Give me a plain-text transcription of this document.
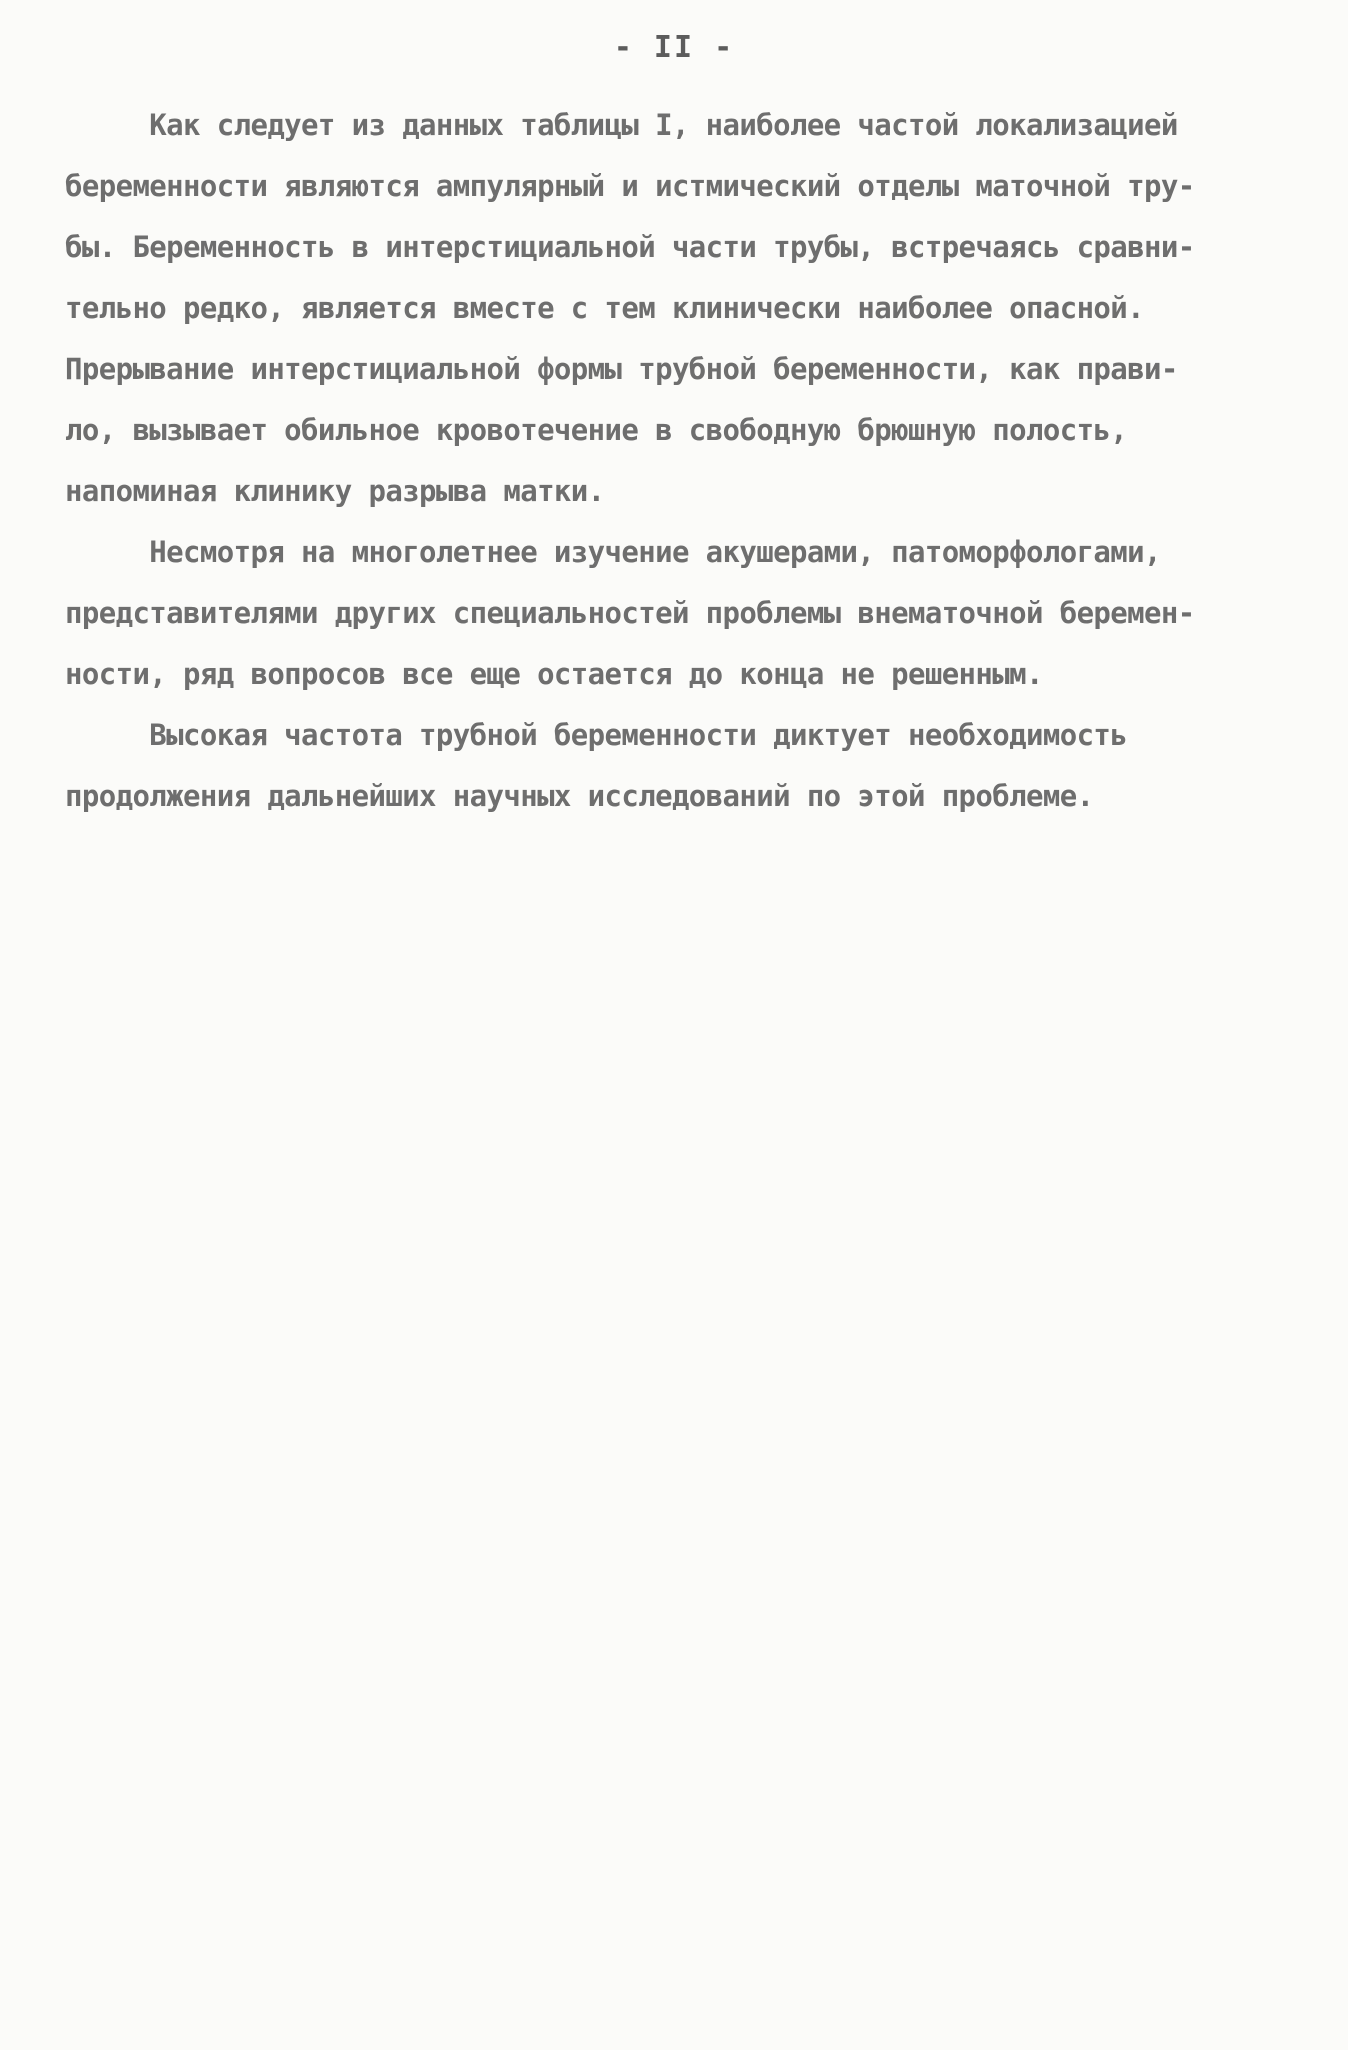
- II -
Как следует из данных таблицы I, наиболее частой локализацией
беременности являются ампулярный и истмический отделы маточной тру-
бы. Беременность в интерстициальной части трубы, встречаясь сравни-
тельно редко, является вместе с тем клинически наиболее опасной.
Прерывание интерстициальной формы трубной беременности, как прави-
ло, вызывает обильное кровотечение в свободную брюшную полость,
напоминая клинику разрыва матки.
Несмотря на многолетнее изучение акушерами, патоморфологами,
представителями других специальностей проблемы внематочной беремен-
ности, ряд вопросов все еще остается до конца не решенным.
Высокая частота трубной беременности диктует необходимость
продолжения дальнейших научных исследований по этой проблеме.
